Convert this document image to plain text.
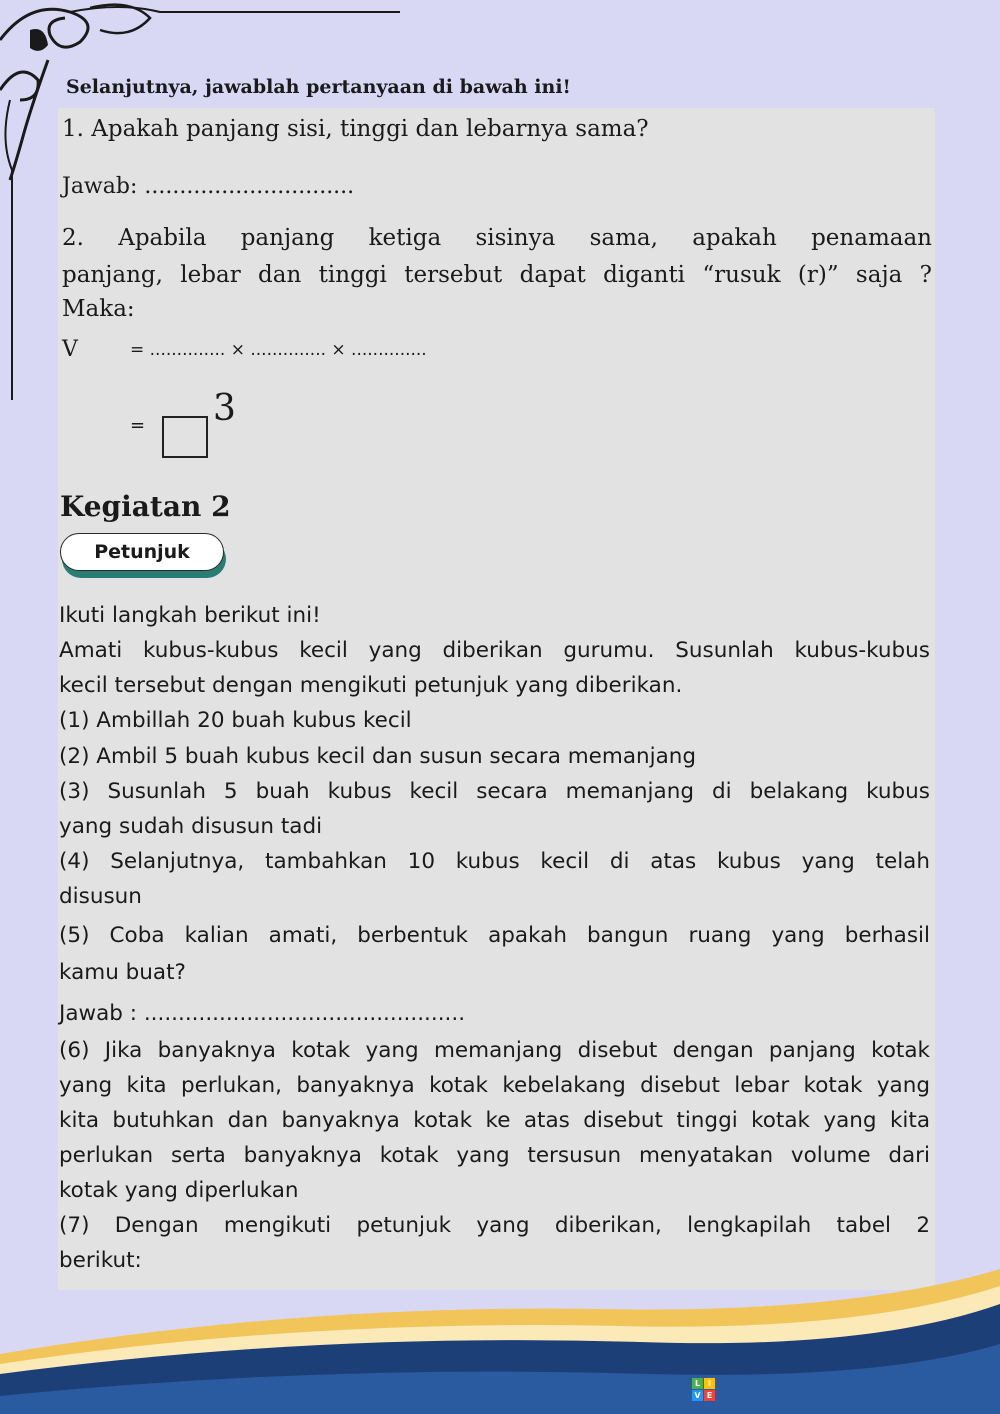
Selanjutnya, jawablah pertanyaan di bawah ini!
1. Apakah panjang sisi, tinggi dan lebarnya sama?
Jawab: ..............................
2. Apabila panjang ketiga sisinya sama, apakah penamaan
panjang, lebar dan tinggi tersebut dapat diganti “rusuk (r)” saja ?
Maka:
V	= .............. × .............. × ..............
= 3
Kegiatan 2
Petunjuk
Ikuti langkah berikut ini!
Amati kubus-kubus kecil yang diberikan gurumu. Susunlah kubus-kubus
kecil tersebut dengan mengikuti petunjuk yang diberikan.
(1) Ambillah 20 buah kubus kecil
(2) Ambil 5 buah kubus kecil dan susun secara memanjang
(3) Susunlah 5 buah kubus kecil secara memanjang di belakang kubus
yang sudah disusun tadi
(4) Selanjutnya, tambahkan 10 kubus kecil di atas kubus yang telah
disusun
(5) Coba kalian amati, berbentuk apakah bangun ruang yang berhasil
kamu buat?
Jawab : ...............................................
(6) Jika banyaknya kotak yang memanjang disebut dengan panjang kotak
yang kita perlukan, banyaknya kotak kebelakang disebut lebar kotak yang
kita butuhkan dan banyaknya kotak ke atas disebut tinggi kotak yang kita
perlukan serta banyaknya kotak yang tersusun menyatakan volume dari
kotak yang diperlukan
(7) Dengan mengikuti petunjuk yang diberikan, lengkapilah tabel 2
berikut:
L I
V E
